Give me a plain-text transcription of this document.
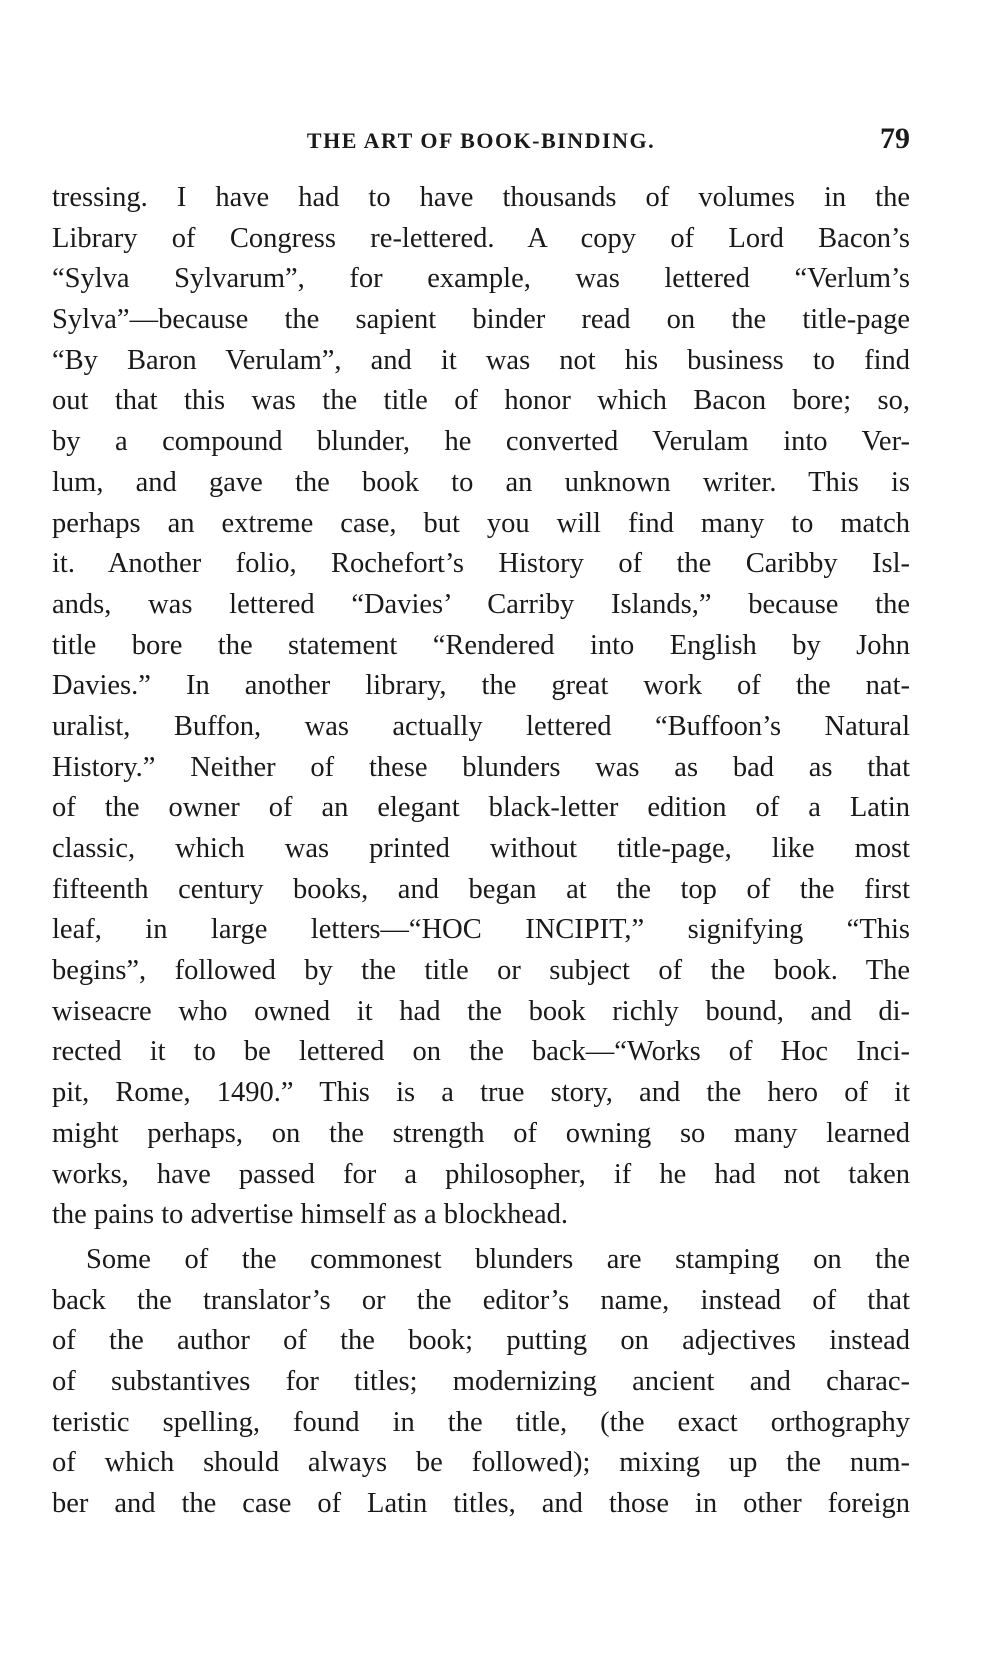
THE ART OF BOOK-BINDING.	79
tressing. I have had to have thousands of volumes in the
Library of Congress re-lettered. A copy of Lord Bacon’s
“Sylva Sylvarum”, for example, was lettered “Verlum’s
Sylva”—because the sapient binder read on the title-page
“By Baron Verulam”, and it was not his business to find
out that this was the title of honor which Bacon bore; so,
by a compound blunder, he converted Verulam into Ver-
lum, and gave the book to an unknown writer. This is
perhaps an extreme case, but you will find many to match
it. Another folio, Rochefort’s History of the Caribby Isl-
ands, was lettered “Davies’ Carriby Islands,” because the
title bore the statement “Rendered into English by John
Davies.” In another library, the great work of the nat-
uralist, Buffon, was actually lettered “Buffoon’s Natural
History.” Neither of these blunders was as bad as that
of the owner of an elegant black-letter edition of a Latin
classic, which was printed without title-page, like most
fifteenth century books, and began at the top of the first
leaf, in large letters—“HOC INCIPIT,” signifying “This
begins”, followed by the title or subject of the book. The
wiseacre who owned it had the book richly bound, and di-
rected it to be lettered on the back—“Works of Hoc Inci-
pit, Rome, 1490.” This is a true story, and the hero of it
might perhaps, on the strength of owning so many learned
works, have passed for a philosopher, if he had not taken
the pains to advertise himself as a blockhead.
Some of the commonest blunders are stamping on the
back the translator’s or the editor’s name, instead of that
of the author of the book; putting on adjectives instead
of substantives for titles; modernizing ancient and charac-
teristic spelling, found in the title, (the exact orthography
of which should always be followed); mixing up the num-
ber and the case of Latin titles, and those in other foreign
